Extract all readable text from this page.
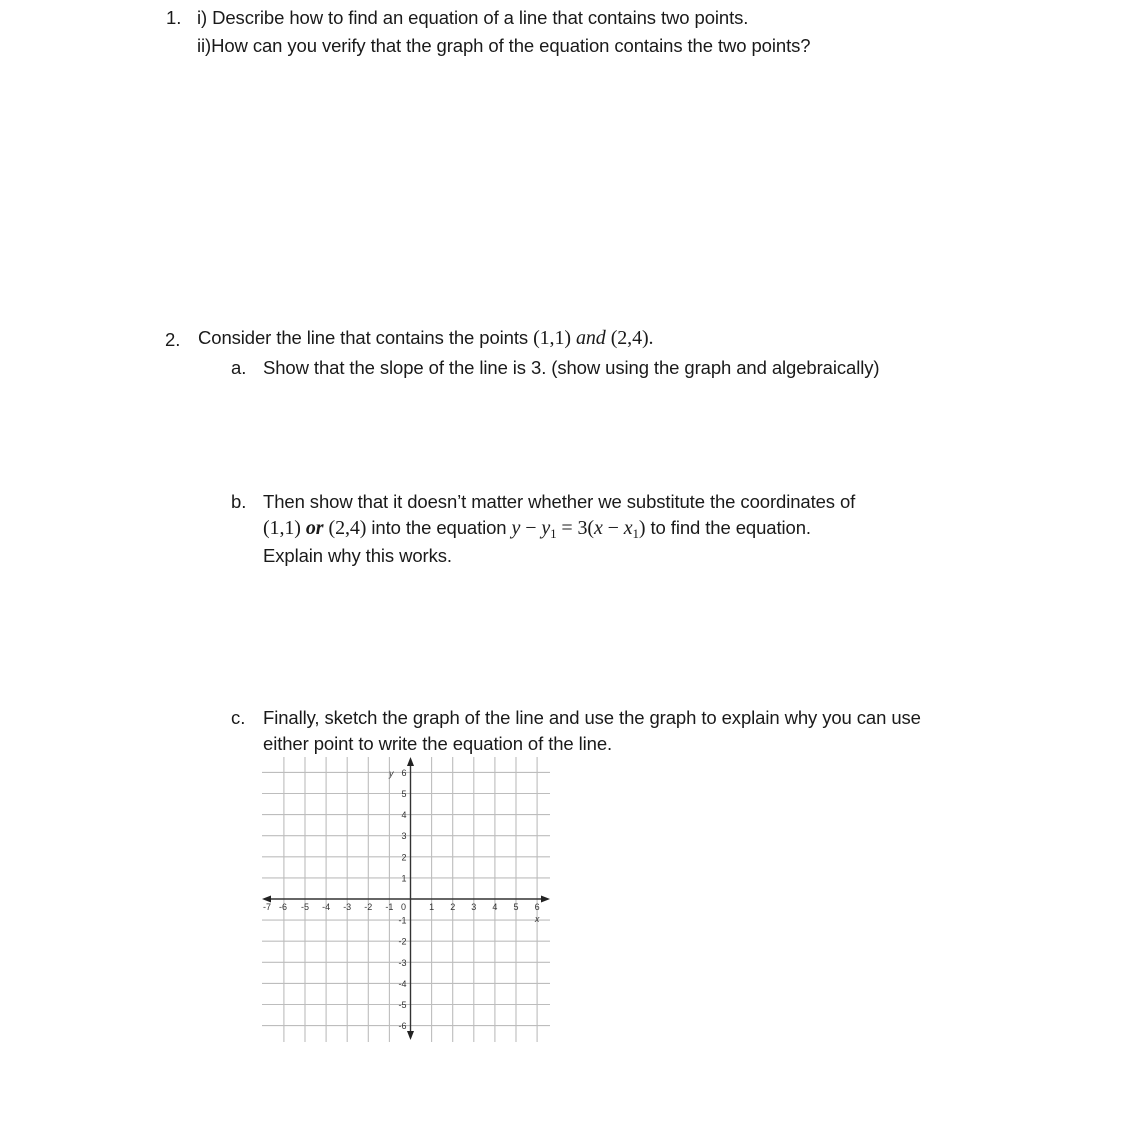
1. i) Describe how to find an equation of a line that contains two points.
ii)How can you verify that the graph of the equation contains the two points?
2. Consider the line that contains the points (1,1) and (2,4).
a. Show that the slope of the line is 3. (show using the graph and algebraically)
b. Then show that it doesn’t matter whether we substitute the coordinates of
(1,1) or (2,4) into the equation $y - y_1 = 3(x - x_1)$ to find the equation.
Explain why this works.
c. Finally, sketch the graph of the line and use the graph to explain why you can use
either point to write the equation of the line.
-7 -6 -5 -4 -3 -2 -1 0	1 2 3 4 5 6
1
2
3
4
5
6
-1
-2
-3
-4
-5
-6
y
x
